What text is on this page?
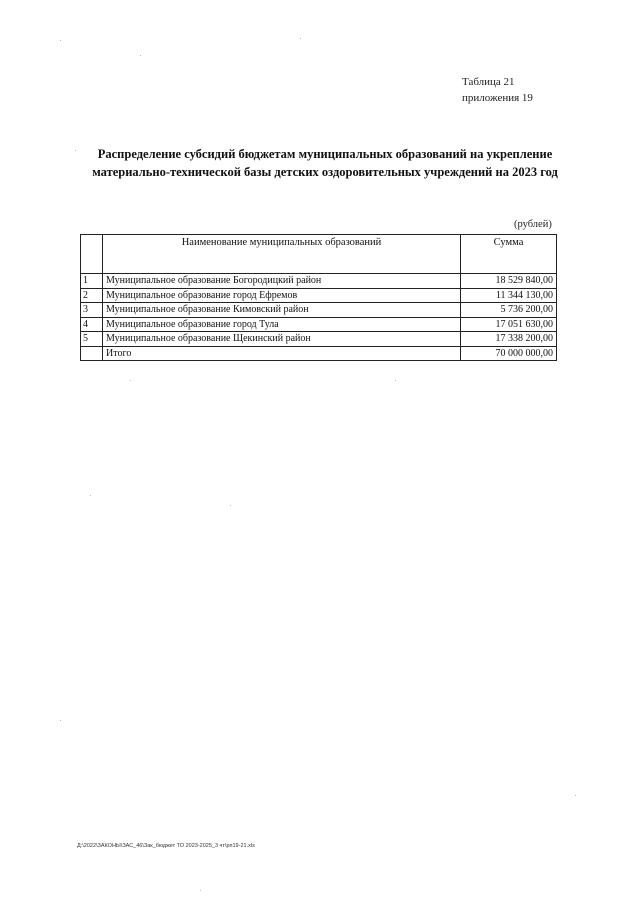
Таблица 21
приложения 19
Распределение субсидий бюджетам муниципальных образований на укрепление
материально-технической базы детских оздоровительных учреждений на 2023 год
(рублей)
	Наименование муниципальных образований	Сумма
1	Муниципальное образование Богородицкий район	18 529 840,00
2	Муниципальное образование город Ефремов	11 344 130,00
3	Муниципальное образование Кимовский район	5 736 200,00
4	Муниципальное образование город Тула	17 051 630,00
5	Муниципальное образование Щекинский район	17 338 200,00
	Итого	70 000 000,00
Д:\2022\ЗАКОНЫ\ЗАС_46\Зак_бюджет ТО 2023-2025_3 чт\рп19-21.xls
